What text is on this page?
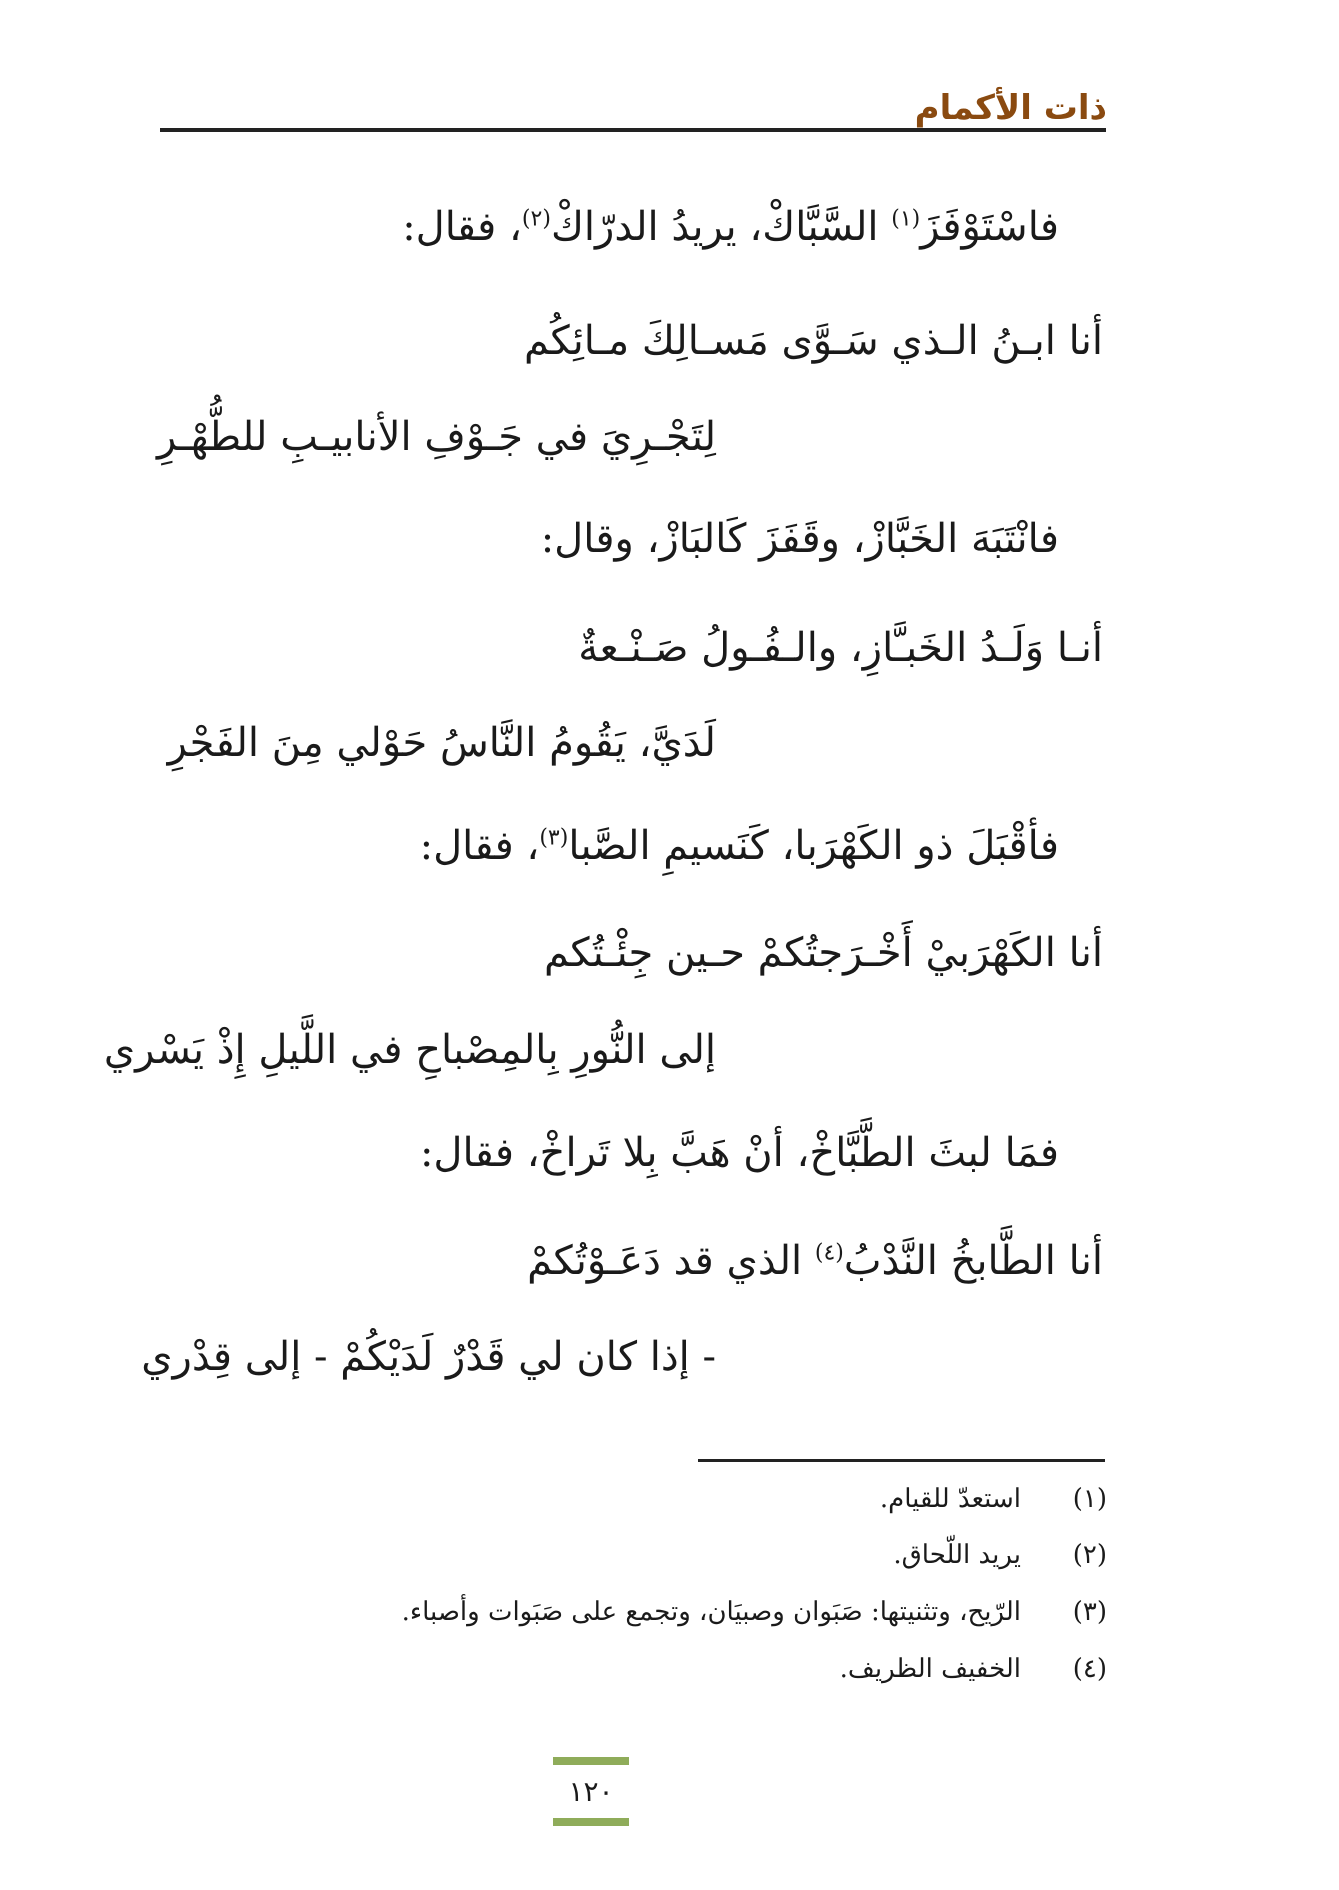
ذات الأكمام
فاسْتَوْفَزَ$^{(١)}$ السَّبَّاكْ، يريدُ الدرّاكْ$^{(٢)}$، فقال:
أنا ابـنُ الـذي سَـوَّى مَسـالِكَ مـائِكُم
لِتَجْـرِيَ في جَـوْفِ الأنابيـبِ للطُّهْـرِ
فانْتَبَهَ الخَبَّازْ، وقَفَزَ كَالبَازْ، وقال:
أنـا وَلَـدُ الخَبـَّازِ، والـفُـولُ صَـنْـعةٌ
لَدَيَّ، يَقُومُ النَّاسُ حَوْلي مِنَ الفَجْرِ
فأقْبَلَ ذو الكَهْرَبا، كَنَسيمِ الصَّبا$^{(٣)}$، فقال:
أنا الكَهْرَبيْ أَخْـرَجتُكمْ حـين جِئْـتُكم
إلى النُّورِ بِالمِصْباحِ في اللَّيلِ إِذْ يَسْري
فمَا لبثَ الطَّبَّاخْ، أنْ هَبَّ بِلا تَراخْ، فقال:
أنا الطَّابخُ النَّدْبُ$^{(٤)}$ الذي قد دَعَـوْتُكمْ
- إذا كان لي قَدْرٌ لَدَيْكُمْ - إلى قِدْري
(١)استعدّ للقيام.
(٢)يريد اللّحاق.
(٣)الرّيح، وتثنيتها: صَبَوان وصبيَان، وتجمع على صَبَوات وأصباء.
(٤)الخفيف الظريف.
١٢٠
